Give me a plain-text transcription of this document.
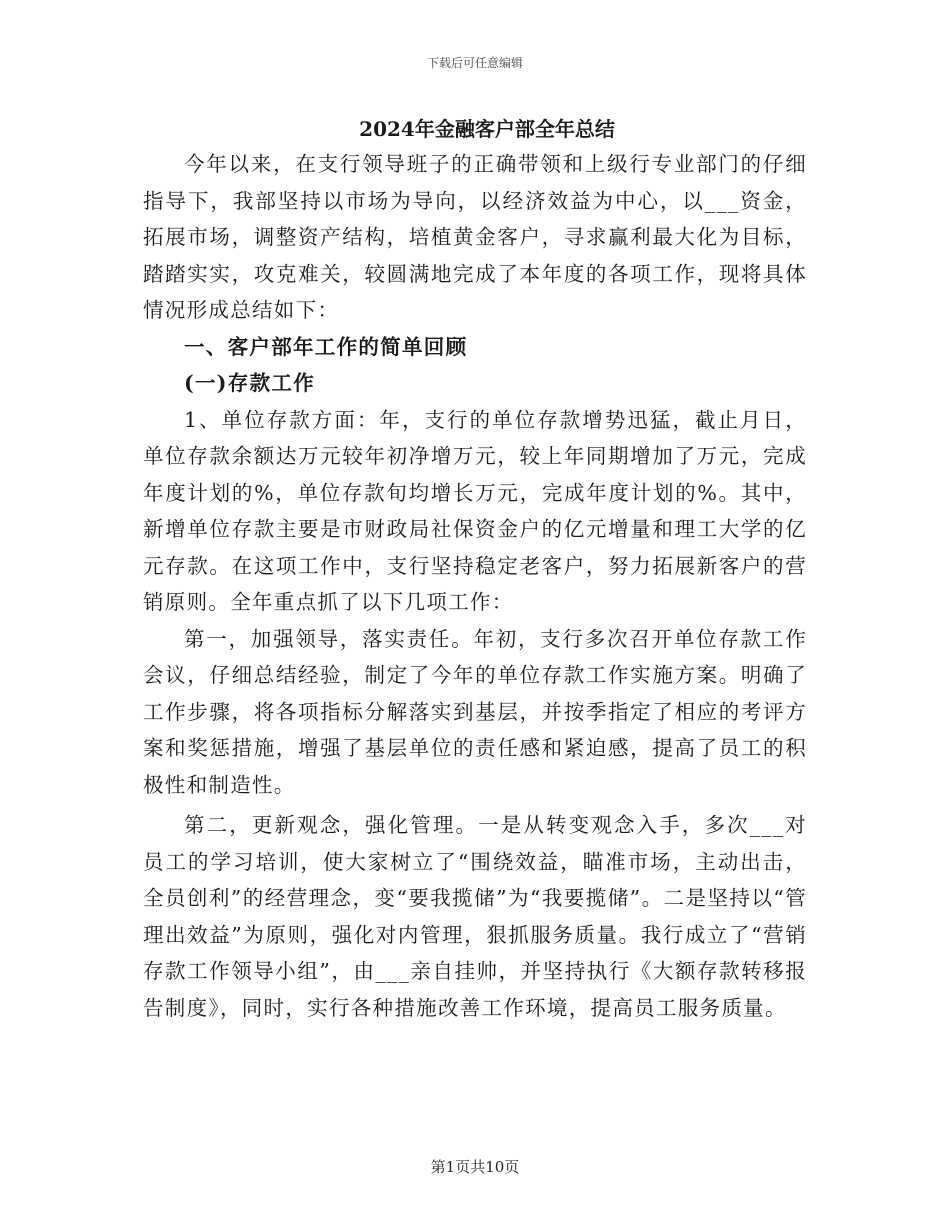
下载后可任意编辑
2024年金融客户部全年总结

今年以来，在支行领导班子的正确带领和上级行专业部门的仔细指导下，我部坚持以市场为导向，以经济效益为中心，以___资金，拓展市场，调整资产结构，培植黄金客户，寻求赢利最大化为目标，踏踏实实，攻克难关，较圆满地完成了本年度的各项工作，现将具体情况形成总结如下：

一、客户部年工作的简单回顾

(一)存款工作

1、单位存款方面：年，支行的单位存款增势迅猛，截止月日，单位存款余额达万元较年初净增万元，较上年同期增加了万元，完成年度计划的%，单位存款旬均增长万元，完成年度计划的%。其中，新增单位存款主要是市财政局社保资金户的亿元增量和理工大学的亿元存款。在这项工作中，支行坚持稳定老客户，努力拓展新客户的营销原则。全年重点抓了以下几项工作：

第一，加强领导，落实责任。年初，支行多次召开单位存款工作会议，仔细总结经验，制定了今年的单位存款工作实施方案。明确了工作步骤，将各项指标分解落实到基层，并按季指定了相应的考评方案和奖惩措施，增强了基层单位的责任感和紧迫感，提高了员工的积极性和制造性。

第二，更新观念，强化管理。一是从转变观念入手，多次___对员工的学习培训，使大家树立了“围绕效益，瞄准市场，主动出击，全员创利”的经营理念，变“要我揽储”为“我要揽储”。二是坚持以“管理出效益”为原则，强化对内管理，狠抓服务质量。我行成立了“营销存款工作领导小组”，由___亲自挂帅，并坚持执行《大额存款转移报告制度》，同时，实行各种措施改善工作环境，提高员工服务质量。

第1页共10页
